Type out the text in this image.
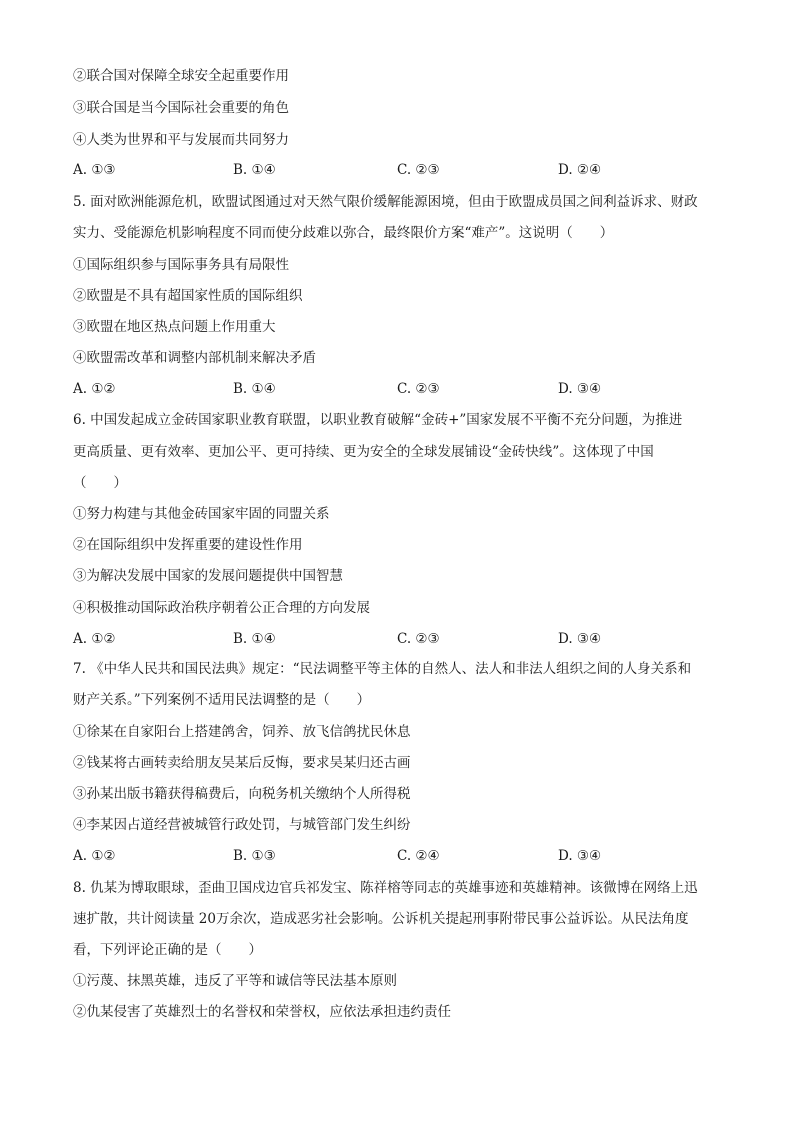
②联合国对保障全球安全起重要作用
③联合国是当今国际社会重要的角色
④人类为世界和平与发展而共同努力
A. ①③	B. ①④	C. ②③	D. ②④
5. 面对欧洲能源危机，欧盟试图通过对天然气限价缓解能源困境，但由于欧盟成员国之间利益诉求、财政
实力、受能源危机影响程度不同而使分歧难以弥合，最终限价方案“难产”。这说明（　　）
①国际组织参与国际事务具有局限性
②欧盟是不具有超国家性质的国际组织
③欧盟在地区热点问题上作用重大
④欧盟需改革和调整内部机制来解决矛盾
A. ①②	B. ①④	C. ②③	D. ③④
6. 中国发起成立金砖国家职业教育联盟，以职业教育破解“金砖+”国家发展不平衡不充分问题，为推进
更高质量、更有效率、更加公平、更可持续、更为安全的全球发展铺设“金砖快线”。这体现了中国
（　　）
①努力构建与其他金砖国家牢固的同盟关系
②在国际组织中发挥重要的建设性作用
③为解决发展中国家的发展问题提供中国智慧
④积极推动国际政治秩序朝着公正合理的方向发展
A. ①②	B. ①④	C. ②③	D. ③④
7. 《中华人民共和国民法典》规定：“民法调整平等主体的自然人、法人和非法人组织之间的人身关系和
财产关系。”下列案例不适用民法调整的是（　　）
①徐某在自家阳台上搭建鸽舍，饲养、放飞信鸽扰民休息
②钱某将古画转卖给朋友吴某后反悔，要求吴某归还古画
③孙某出版书籍获得稿费后，向税务机关缴纳个人所得税
④李某因占道经营被城管行政处罚，与城管部门发生纠纷
A. ①②	B. ①③	C. ②④	D. ③④
8. 仇某为博取眼球，歪曲卫国戍边官兵祁发宝、陈祥榕等同志的英雄事迹和英雄精神。该微博在网络上迅
速扩散，共计阅读量 20万余次，造成恶劣社会影响。公诉机关提起刑事附带民事公益诉讼。从民法角度
看，下列评论正确的是（　　）
①污蔑、抹黑英雄，违反了平等和诚信等民法基本原则
②仇某侵害了英雄烈士的名誉权和荣誉权，应依法承担违约责任
